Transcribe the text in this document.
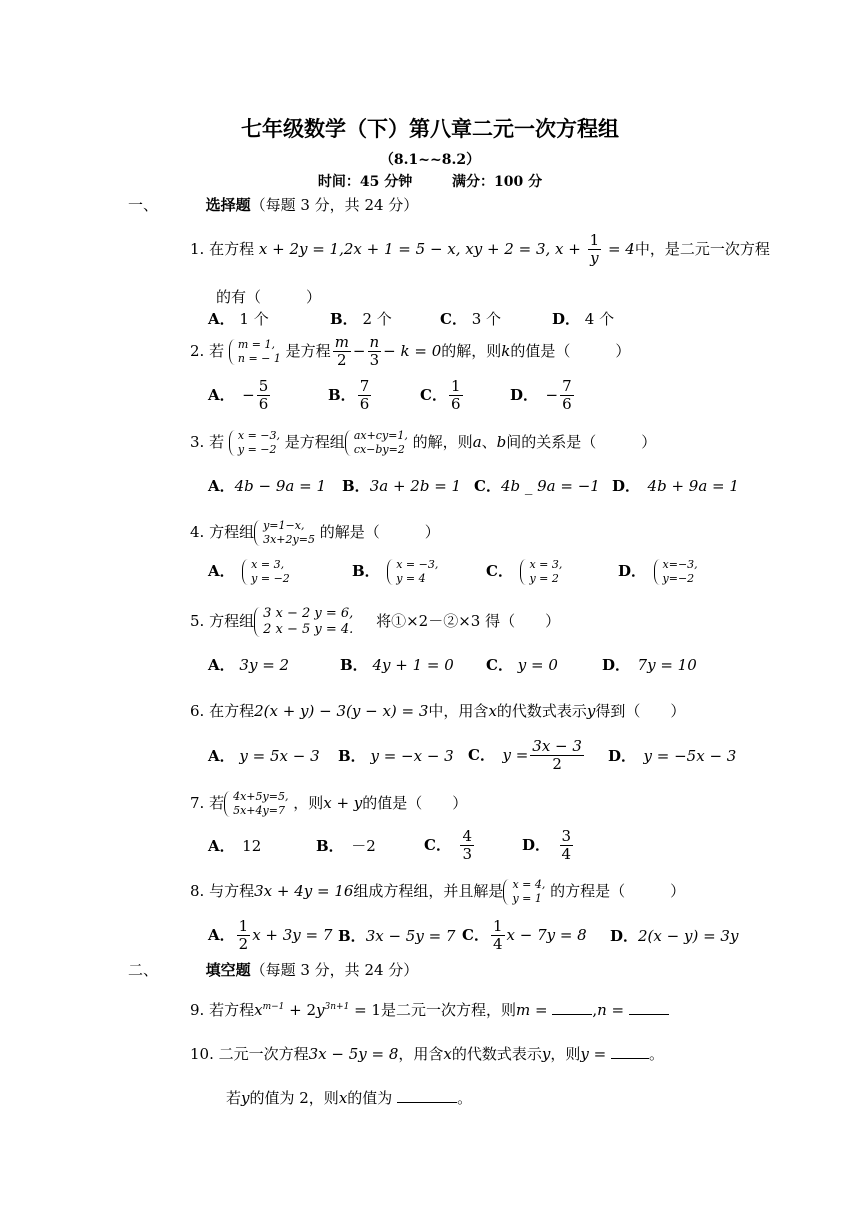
七年级数学（下）第八章二元一次方程组
（8.1~~8.2）
时间：45 分钟	满分：100 分
一、	选择题（每题 3 分，共 24 分）
1. 在方程 x + 2y = 1,2x + 1 = 5 − x, xy + 2 = 3, $x + \frac{1}{y} = 4$中，是二元一次方程
的有（　　　）
A． 1 个	B． 2 个	C． 3 个	D． 4 个
2. 若 m = 1,
n = − 1 是方程 $\frac{m}{2} - \frac{n}{3} - k = 0$的解，则k的值是（　　　）
A．　 − $\frac{5}{6}$	B． $\frac{7}{6}$	C． $\frac{1}{6}$	D．　 − $\frac{7}{6}$
3. 若 x = −3,
y = −2 是方程组 ax+cy=1,
cx−by=2 的解，则a、b间的关系是（　　　）
A．4b − 9a = 1 B．3a + 2b = 1 C．4b _ 9a = −1 D．　 4b + 9a = 1
4. 方程组 y=1−x,
3x+2y=5 的解是（　　　）
A．　 x = 3,
y = −2	B．　 x = −3,
y = 4	C．　 x = 3,
y = 2	D．　 x=−3,
y=−2
5. 方程组 3 x − 2 y = 6,
2 x − 5 y = 4. 将①×2－②×3 得（　　）
A． 3y = 2	B． 4y + 1 = 0 C． y = 0	D．　 7y = 10
6. 在方程2(x + y) − 3(y − x) = 3中，用含x的代数式表示y得到（　　）
A． y = 5x − 3 B． y = −x − 3 C．　 $y = \frac{3x - 3}{2}$ D．　 y = −5x − 3
7. 若 4x+5y=5,
5x+4y=7 ，则x + y的值是（　　）
A．　 12	B．　 －2	C．　 $\frac{4}{3}$	D．　 $\frac{3}{4}$
8. 与方程3x + 4y = 16组成方程组，并且解是 x = 4,
y = 1 的方程是（　　　）
A． $\frac{1}{2}$ x + 3y = 7 B．3x − 5y = 7 C． $\frac{1}{4}$ x − 7y = 8 D．2(x − y) = 3y
二、	填空题（每题 3 分，共 24 分）
9. 若方程$x^{m-1} + 2y^{3n+1} = 1$是二元一次方程，则m =	,n =
10. 二元一次方程3x − 5y = 8，用含x的代数式表示y，则y =	。
若y的值为 2，则x的值为	。
